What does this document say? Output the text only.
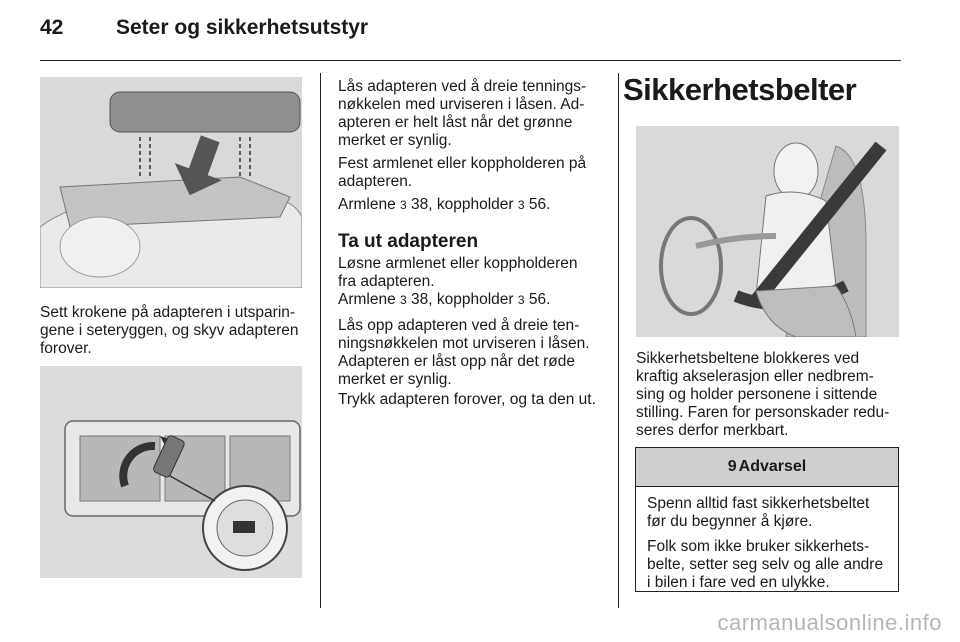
42	Seter og sikkerhetsutstyr

Sett krokene på adapteren i utsparin-
gene i seteryggen, og skyv adapteren
forover.

Lås adapteren ved å dreie tennings-
nøkkelen med urviseren i låsen. Ad-
apteren er helt låst når det grønne
merket er synlig.

Fest armlenet eller koppholderen på
adapteren.

Armlene 3 38, koppholder 3 56.

Ta ut adapteren

Løsne armlenet eller koppholderen
fra adapteren.

Armlene 3 38, koppholder 3 56.

Lås opp adapteren ved å dreie ten-
ningsnøkkelen mot urviseren i låsen.
Adapteren er låst opp når det røde
merket er synlig.

Trykk adapteren forover, og ta den ut.

Sikkerhetsbelter

Sikkerhetsbeltene blokkeres ved
kraftig akselerasjon eller nedbrem-
sing og holder personene i sittende
stilling. Faren for personskader redu-
seres derfor merkbart.

9 Advarsel

Spenn alltid fast sikkerhetsbeltet
før du begynner å kjøre.

Folk som ikke bruker sikkerhets-
belte, setter seg selv og alle andre
i bilen i fare ved en ulykke.

carmanualsonline.info
